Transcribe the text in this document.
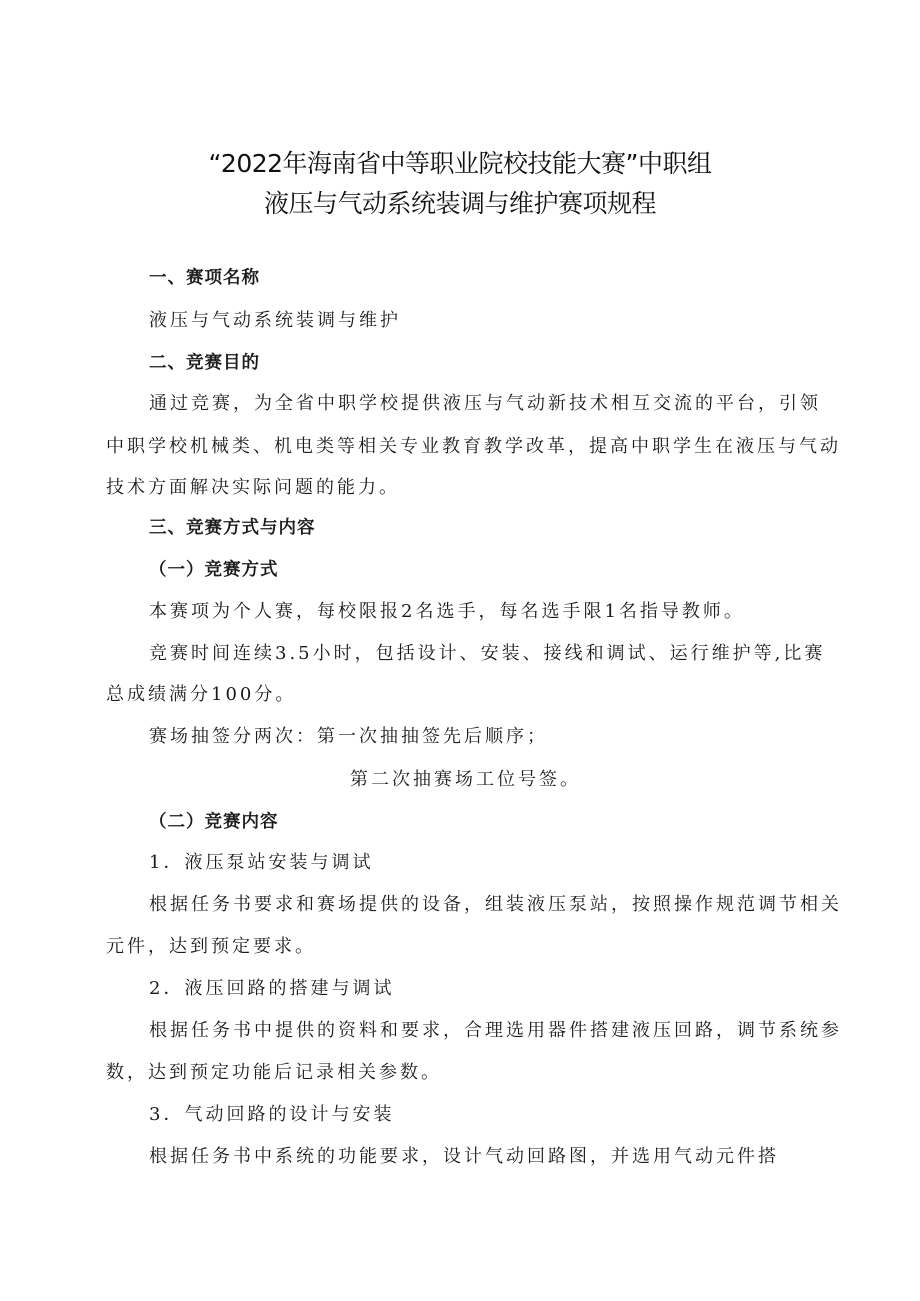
“2022年海南省中等职业院校技能大赛”中职组
液压与气动系统装调与维护赛项规程
一、赛项名称
液压与气动系统装调与维护
二、竞赛目的
通过竞赛，为全省中职学校提供液压与气动新技术相互交流的平台，引领
中职学校机械类、机电类等相关专业教育教学改革，提高中职学生在液压与气动
技术方面解决实际问题的能力。
三、竞赛方式与内容
（一）竞赛方式
本赛项为个人赛，每校限报2名选手，每名选手限1名指导教师。
竞赛时间连续3.5小时，包括设计、安装、接线和调试、运行维护等,比赛
总成绩满分100分。
赛场抽签分两次：第一次抽抽签先后顺序；
第二次抽赛场工位号签。
（二）竞赛内容
1．液压泵站安装与调试
根据任务书要求和赛场提供的设备，组装液压泵站，按照操作规范调节相关
元件，达到预定要求。
2．液压回路的搭建与调试
根据任务书中提供的资料和要求，合理选用器件搭建液压回路，调节系统参
数，达到预定功能后记录相关参数。
3．气动回路的设计与安装
根据任务书中系统的功能要求，设计气动回路图，并选用气动元件搭
